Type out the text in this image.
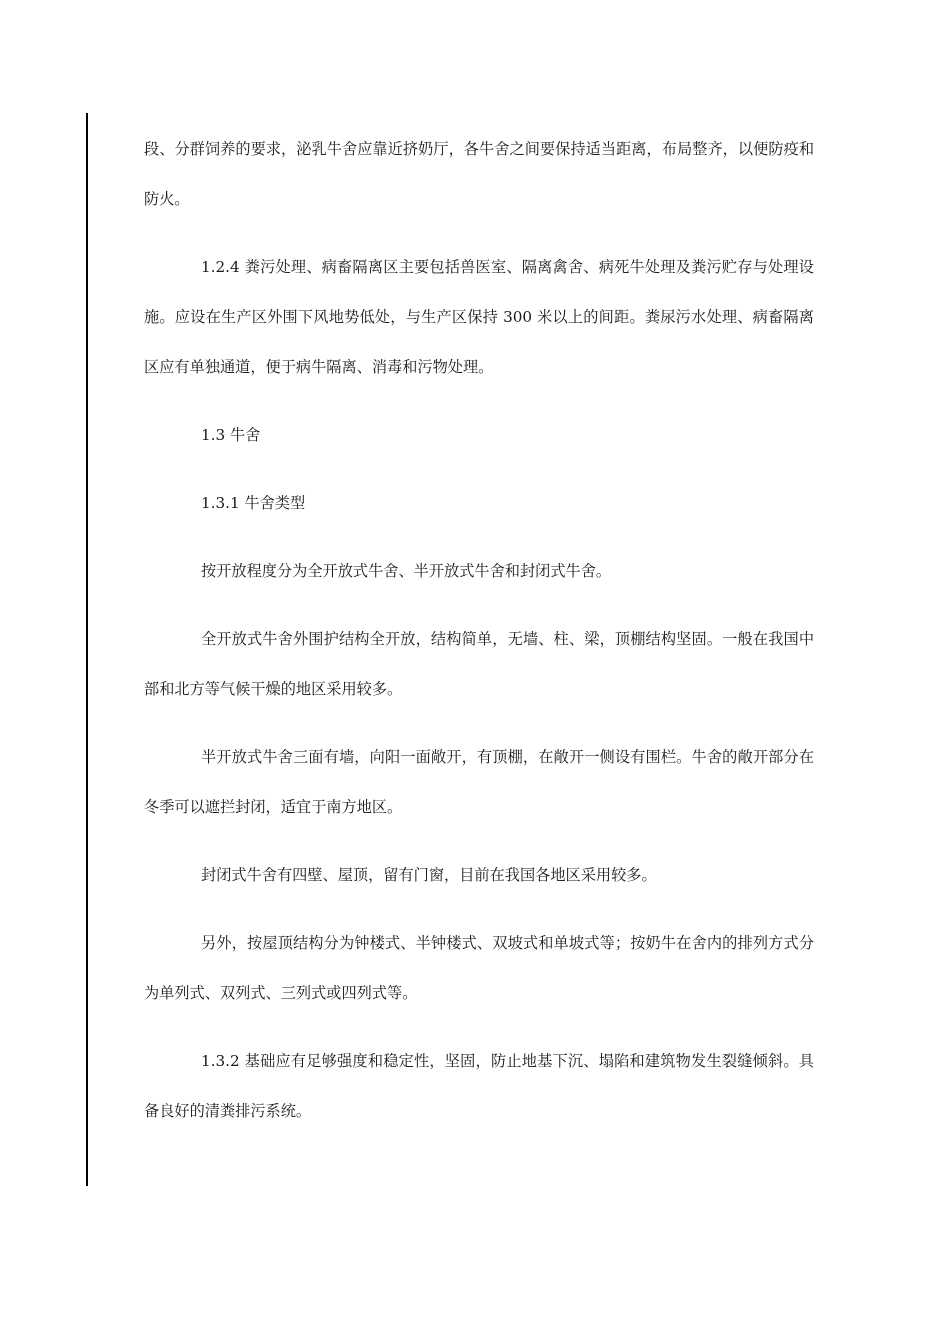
段、分群饲养的要求，泌乳牛舍应靠近挤奶厅，各牛舍之间要保持适当距离，布局整齐，以便防疫和防火。

1.2.4 粪污处理、病畜隔离区主要包括兽医室、隔离禽舍、病死牛处理及粪污贮存与处理设施。应设在生产区外围下风地势低处，与生产区保持 300 米以上的间距。粪尿污水处理、病畜隔离区应有单独通道，便于病牛隔离、消毒和污物处理。

1.3 牛舍

1.3.1 牛舍类型

按开放程度分为全开放式牛舍、半开放式牛舍和封闭式牛舍。

全开放式牛舍外围护结构全开放，结构简单，无墙、柱、梁，顶棚结构坚固。一般在我国中部和北方等气候干燥的地区采用较多。

半开放式牛舍三面有墙，向阳一面敞开，有顶棚，在敞开一侧设有围栏。牛舍的敞开部分在冬季可以遮拦封闭，适宜于南方地区。

封闭式牛舍有四壁、屋顶，留有门窗，目前在我国各地区采用较多。

另外，按屋顶结构分为钟楼式、半钟楼式、双坡式和单坡式等；按奶牛在舍内的排列方式分为单列式、双列式、三列式或四列式等。

1.3.2 基础应有足够强度和稳定性，坚固，防止地基下沉、塌陷和建筑物发生裂缝倾斜。具备良好的清粪排污系统。
